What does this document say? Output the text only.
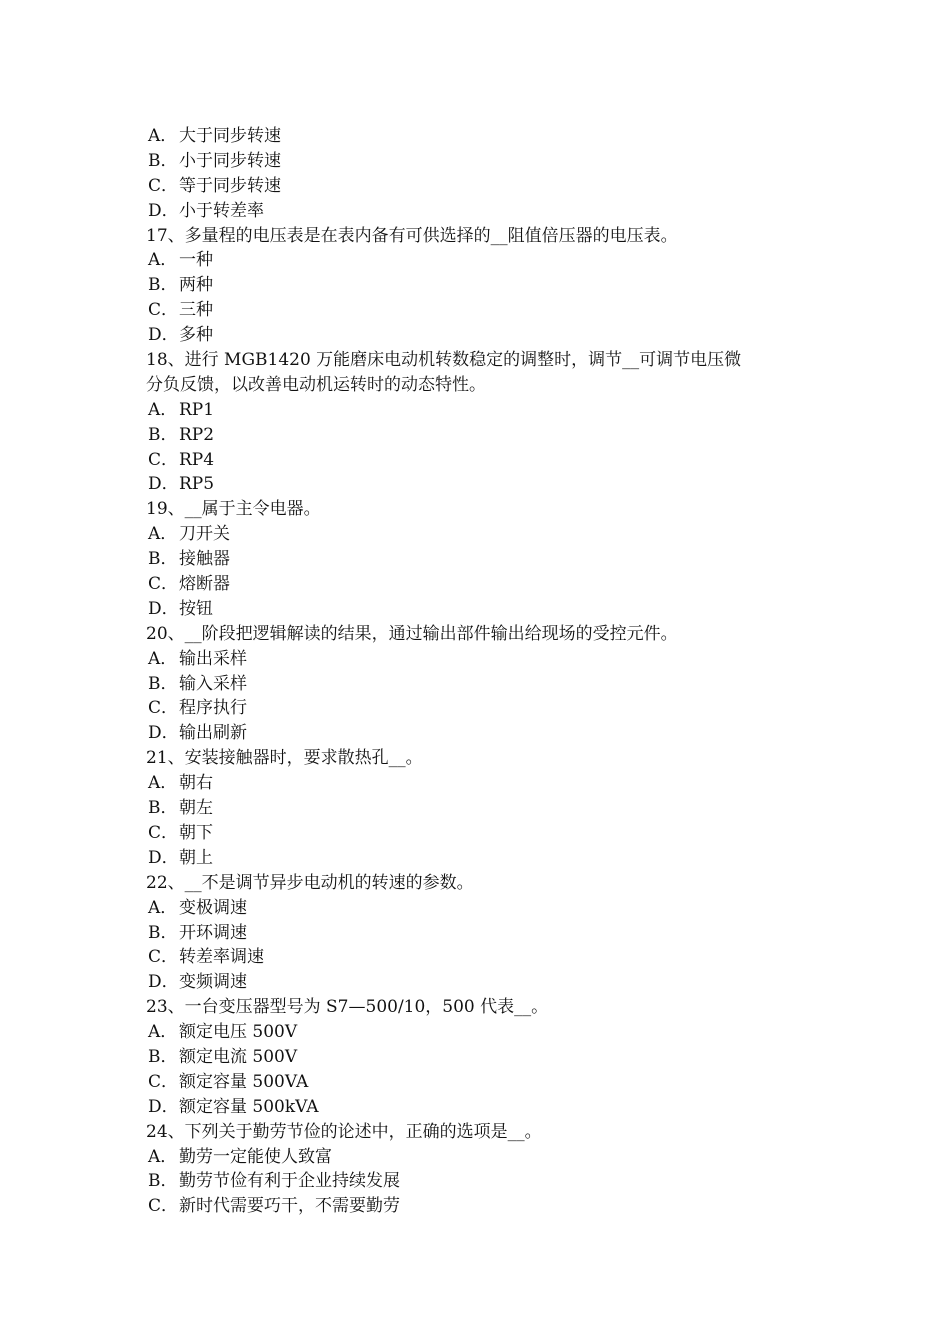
A． 大于同步转速
B．小于同步转速
C．等于同步转速
D．小于转差率
17、多量程的电压表是在表内备有可供选择的__阻值倍压器的电压表。
A． 一种
B．两种
C．三种
D．多种
18、进行 MGB1420 万能磨床电动机转数稳定的调整时，调节__可调节电压微
分负反馈，以改善电动机运转时的动态特性。
A． RP1
B．RP2
C．RP4
D．RP5
19、__属于主令电器。
A． 刀开关
B．接触器
C．熔断器
D．按钮
20、__阶段把逻辑解读的结果，通过输出部件输出给现场的受控元件。
A． 输出采样
B．输入采样
C．程序执行
D．输出刷新
21、安装接触器时，要求散热孔__。
A． 朝右
B．朝左
C．朝下
D．朝上
22、__不是调节异步电动机的转速的参数。
A． 变极调速
B．开环调速
C．转差率调速
D．变频调速
23、一台变压器型号为 S7—500/10，500 代表__。
A． 额定电压 500V
B．额定电流 500V
C．额定容量 500VA
D．额定容量 500kVA
24、下列关于勤劳节俭的论述中，正确的选项是__。
A． 勤劳一定能使人致富
B．勤劳节俭有利于企业持续发展
C．新时代需要巧干，不需要勤劳
